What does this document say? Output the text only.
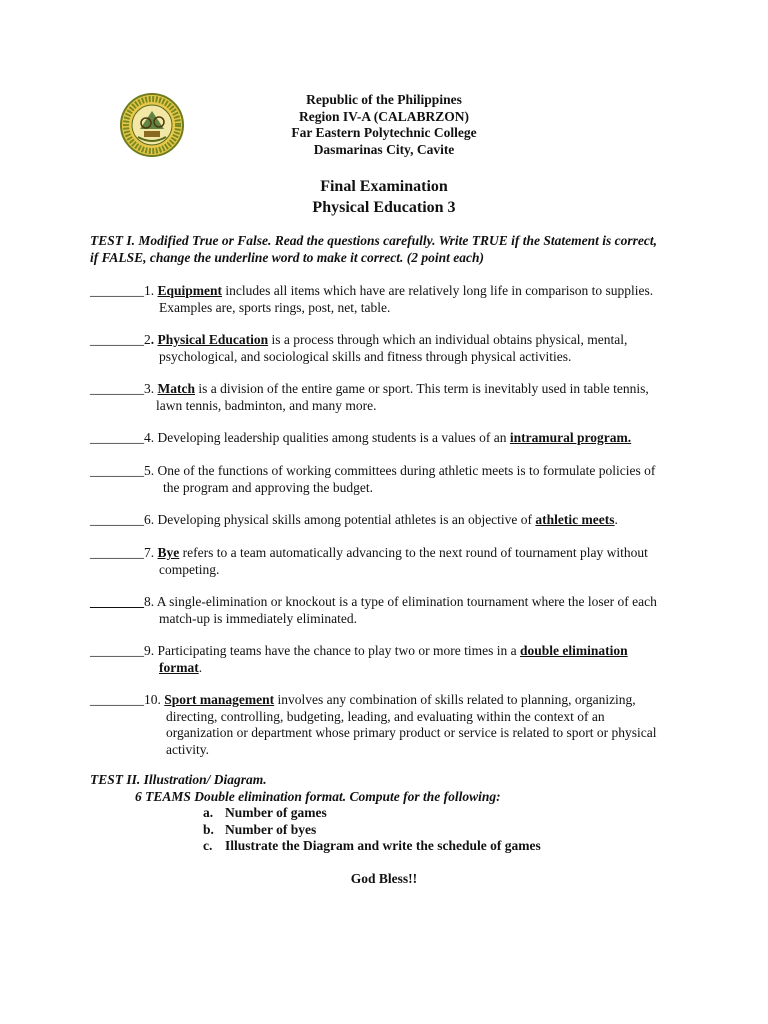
Republic of the Philippines
Region IV-A (CALABRZON)
Far Eastern Polytechnic College
Dasmarinas City, Cavite
Final Examination
Physical Education 3
TEST I. Modified True or False. Read the questions carefully. Write TRUE if the Statement is correct,
if FALSE, change the underline word to make it correct. (2 point each)
________1. Equipment includes all items which have are relatively long life in comparison to supplies.
Examples are, sports rings, post, net, table.
________2. Physical Education is a process through which an individual obtains physical, mental,
psychological, and sociological skills and fitness through physical activities.
________3. Match is a division of the entire game or sport. This term is inevitably used in table tennis,
lawn tennis, badminton, and many more.
________4. Developing leadership qualities among students is a values of an intramural program.
________5. One of the functions of working committees during athletic meets is to formulate policies of
the program and approving the budget.
________6. Developing physical skills among potential athletes is an objective of athletic meets.
________7. Bye refers to a team automatically advancing to the next round of tournament play without
competing.
________8. A single-elimination or knockout is a type of elimination tournament where the loser of each
match-up is immediately eliminated.
________9. Participating teams have the chance to play two or more times in a double elimination
format.
________10. Sport management involves any combination of skills related to planning, organizing,
directing, controlling, budgeting, leading, and evaluating within the context of an
organization or department whose primary product or service is related to sport or physical
activity.
TEST II. Illustration/ Diagram.
6 TEAMS Double elimination format. Compute for the following:
a. Number of games
b. Number of byes
c. Illustrate the Diagram and write the schedule of games
God Bless!!
